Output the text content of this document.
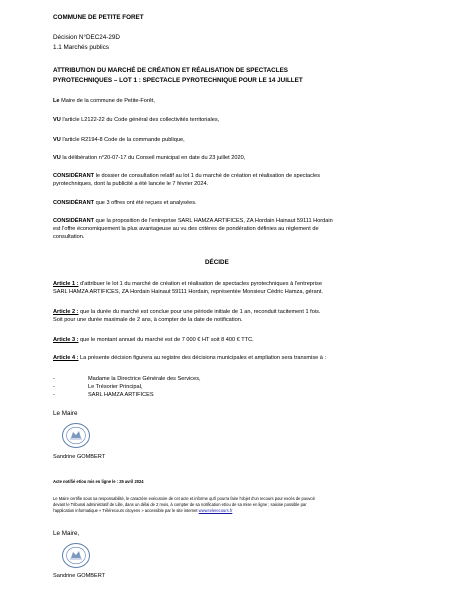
COMMUNE DE PETITE FORET
Décision N°DEC24-29D
1.1 Marchés publics
ATTRIBUTION DU MARCHÉ DE CRÉATION ET RÉALISATION DE SPECTACLES
PYROTECHNIQUES – LOT 1 : SPECTACLE PYROTECHNIQUE POUR LE 14 JUILLET
Le Maire de la commune de Petite-Forêt,
VU l'article L2122-22 du Code général des collectivités territoriales,
VU l'article R2194-8 Code de la commande publique,
VU la délibération n°20-07-17 du Conseil municipal en date du 23 juillet 2020,
CONSIDÉRANT le dossier de consultation relatif au lot 1 du marché de création et réalisation de spectacles
pyrotechniques, dont la publicité a été lancée le 7 février 2024.
CONSIDÉRANT que 3 offres ont été reçues et analysées.
CONSIDÉRANT que la proposition de l'entreprise SARL HAMZA ARTIFICES, ZA Hordain Hainaut 59111 Hordain
est l'offre économiquement la plus avantageuse au vu des critères de pondération définies au règlement de
consultation.
DÉCIDE
Article 1 : d'attribuer le lot 1 du marché de création et réalisation de spectacles pyrotechniques à l'entreprise
SARL HAMZA ARTIFICES, ZA Hordain Hainaut 59111 Hordain, représentée Monsieur Cédric Hamza, gérant.
Article 2 : que la durée du marché est conclue pour une période initiale de 1 an, reconduit tacitement 1 fois.
Soit pour une durée maximale de 2 ans, à compter de la date de notification.
Article 3 : que le montant annuel du marché est de 7 000 € HT soit 8 400 € TTC.
Article 4 : La présente décision figurera au registre des décisions municipales et ampliation sera transmise à :
-	Madame la Directrice Générale des Services,
-	Le Trésorier Principal,
-	SARL HAMZA ARTIFICES
Le Maire
Sandrine GOMBERT
Acte notifié et/ou mis en ligne le : 25 avril 2024
Le Maire certifie sous sa responsabilité, le caractère exécutoire de cet acte et informe qu'il pourra faire l'objet d'un recours pour excès de pouvoir
devant le Tribunal administratif de Lille, dans un délai de 2 mois, à compter de sa notification et/ou de sa mise en ligne ; saisine possible par
l'application informatique « Télérecours citoyens » accessible par le site internet www.telerecours.fr
Le Maire,
Sandrine GOMBERT
